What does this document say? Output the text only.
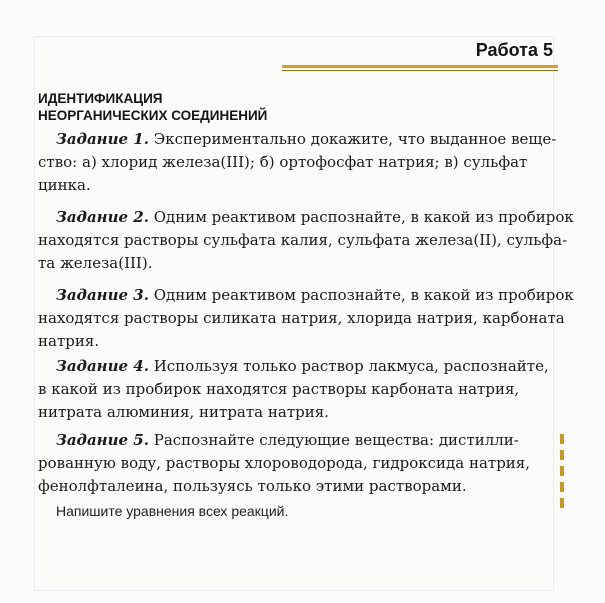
Работа 5
ИДЕНТИФИКАЦИЯ
НЕОРГАНИЧЕСКИХ СОЕДИНЕНИЙ
Задание 1. Экспериментально докажите, что выданное веще-
ство: а) хлорид железа(III); б) ортофосфат натрия; в) сульфат
цинка.
Задание 2. Одним реактивом распознайте, в какой из пробирок
находятся растворы сульфата калия, сульфата железа(II), сульфа-
та железа(III).
Задание 3. Одним реактивом распознайте, в какой из пробирок
находятся растворы силиката натрия, хлорида натрия, карбоната
натрия.
Задание 4. Используя только раствор лакмуса, распознайте,
в какой из пробирок находятся растворы карбоната натрия,
нитрата алюминия, нитрата натрия.
Задание 5. Распознайте следующие вещества: дистилли-
рованную воду, растворы хлороводорода, гидроксида натрия,
фенолфталеина, пользуясь только этими растворами.
Напишите уравнения всех реакций.
